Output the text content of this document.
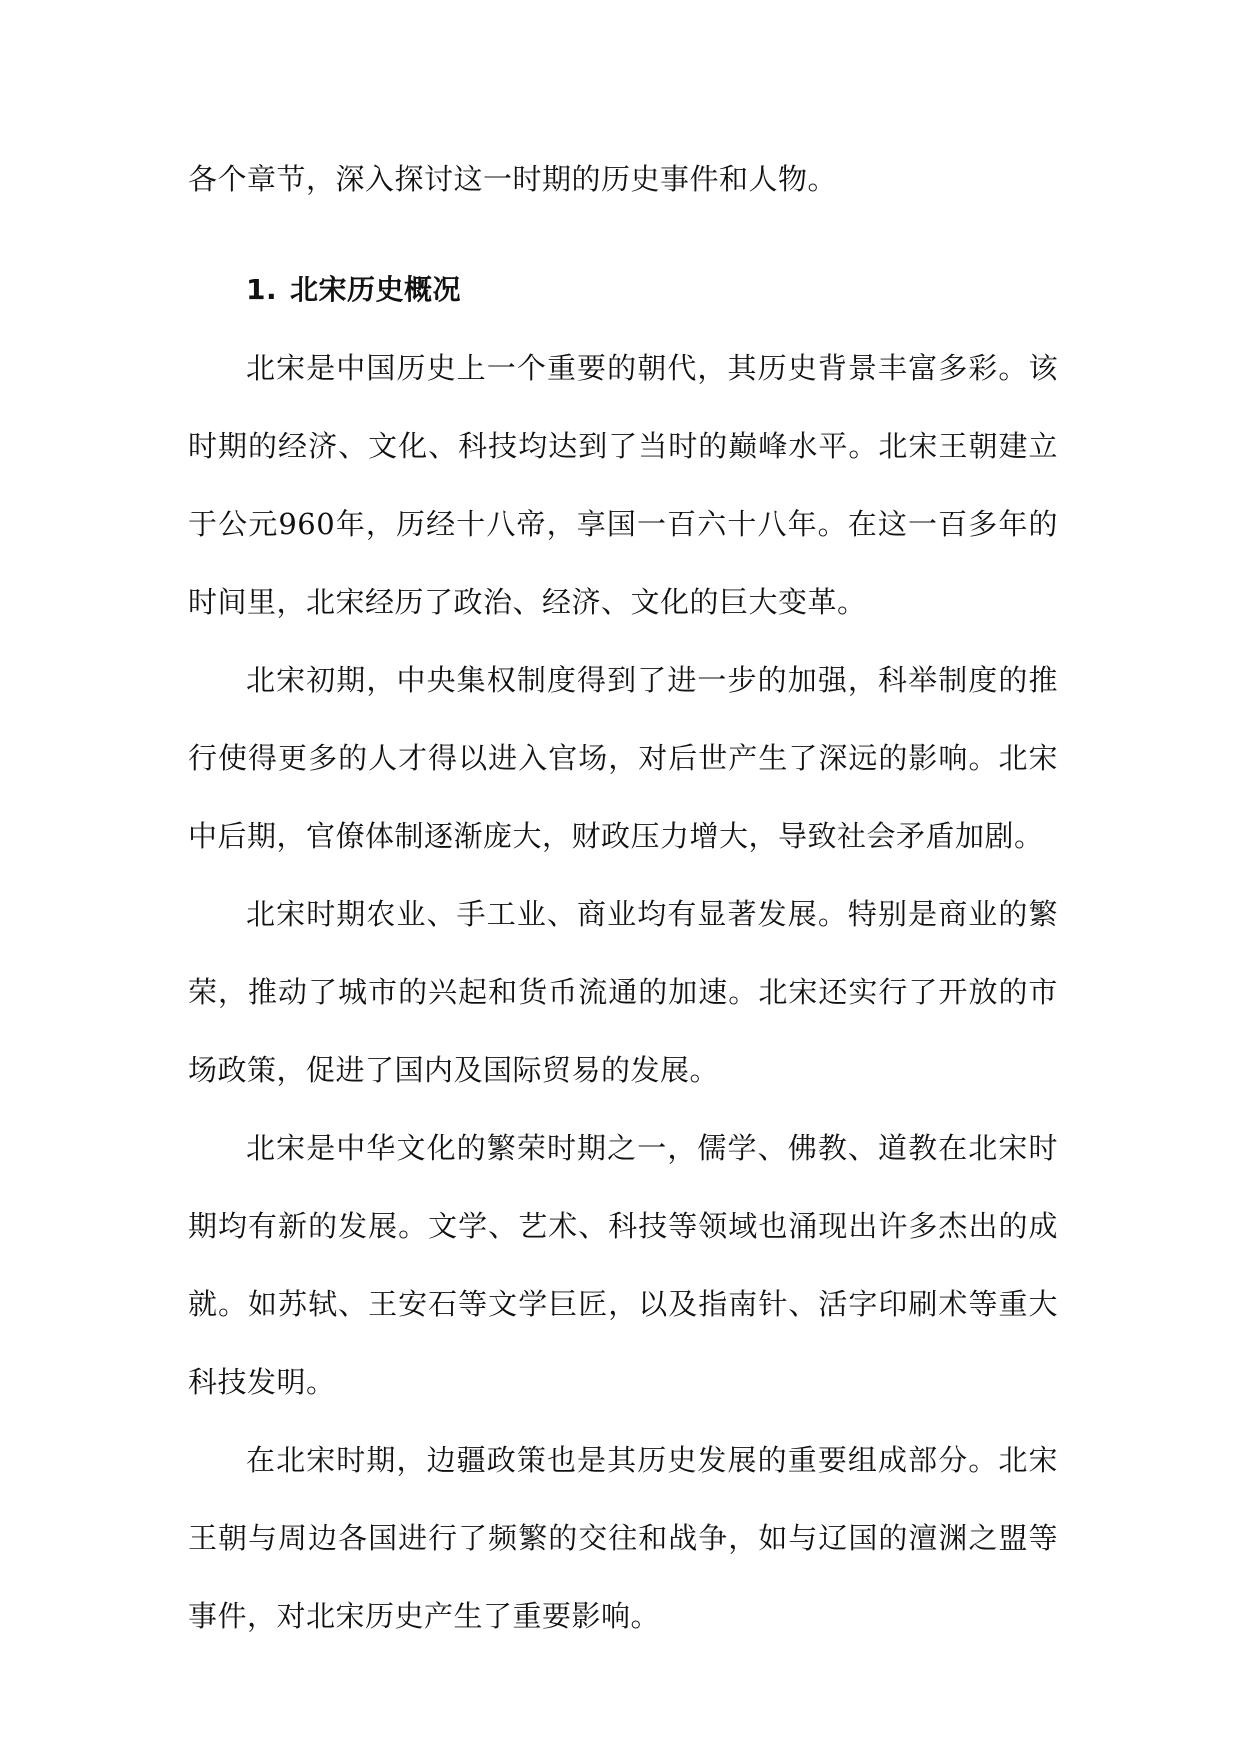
各个章节，深入探讨这一时期的历史事件和人物。

1. 北宋历史概况

北宋是中国历史上一个重要的朝代，其历史背景丰富多彩。该时期的经济、文化、科技均达到了当时的巅峰水平。北宋王朝建立于公元960年，历经十八帝，享国一百六十八年。在这一百多年的时间里，北宋经历了政治、经济、文化的巨大变革。

北宋初期，中央集权制度得到了进一步的加强，科举制度的推行使得更多的人才得以进入官场，对后世产生了深远的影响。北宋中后期，官僚体制逐渐庞大，财政压力增大，导致社会矛盾加剧。

北宋时期农业、手工业、商业均有显著发展。特别是商业的繁荣，推动了城市的兴起和货币流通的加速。北宋还实行了开放的市场政策，促进了国内及国际贸易的发展。

北宋是中华文化的繁荣时期之一，儒学、佛教、道教在北宋时期均有新的发展。文学、艺术、科技等领域也涌现出许多杰出的成就。如苏轼、王安石等文学巨匠，以及指南针、活字印刷术等重大科技发明。

在北宋时期，边疆政策也是其历史发展的重要组成部分。北宋王朝与周边各国进行了频繁的交往和战争，如与辽国的澶渊之盟等事件，对北宋历史产生了重要影响。
